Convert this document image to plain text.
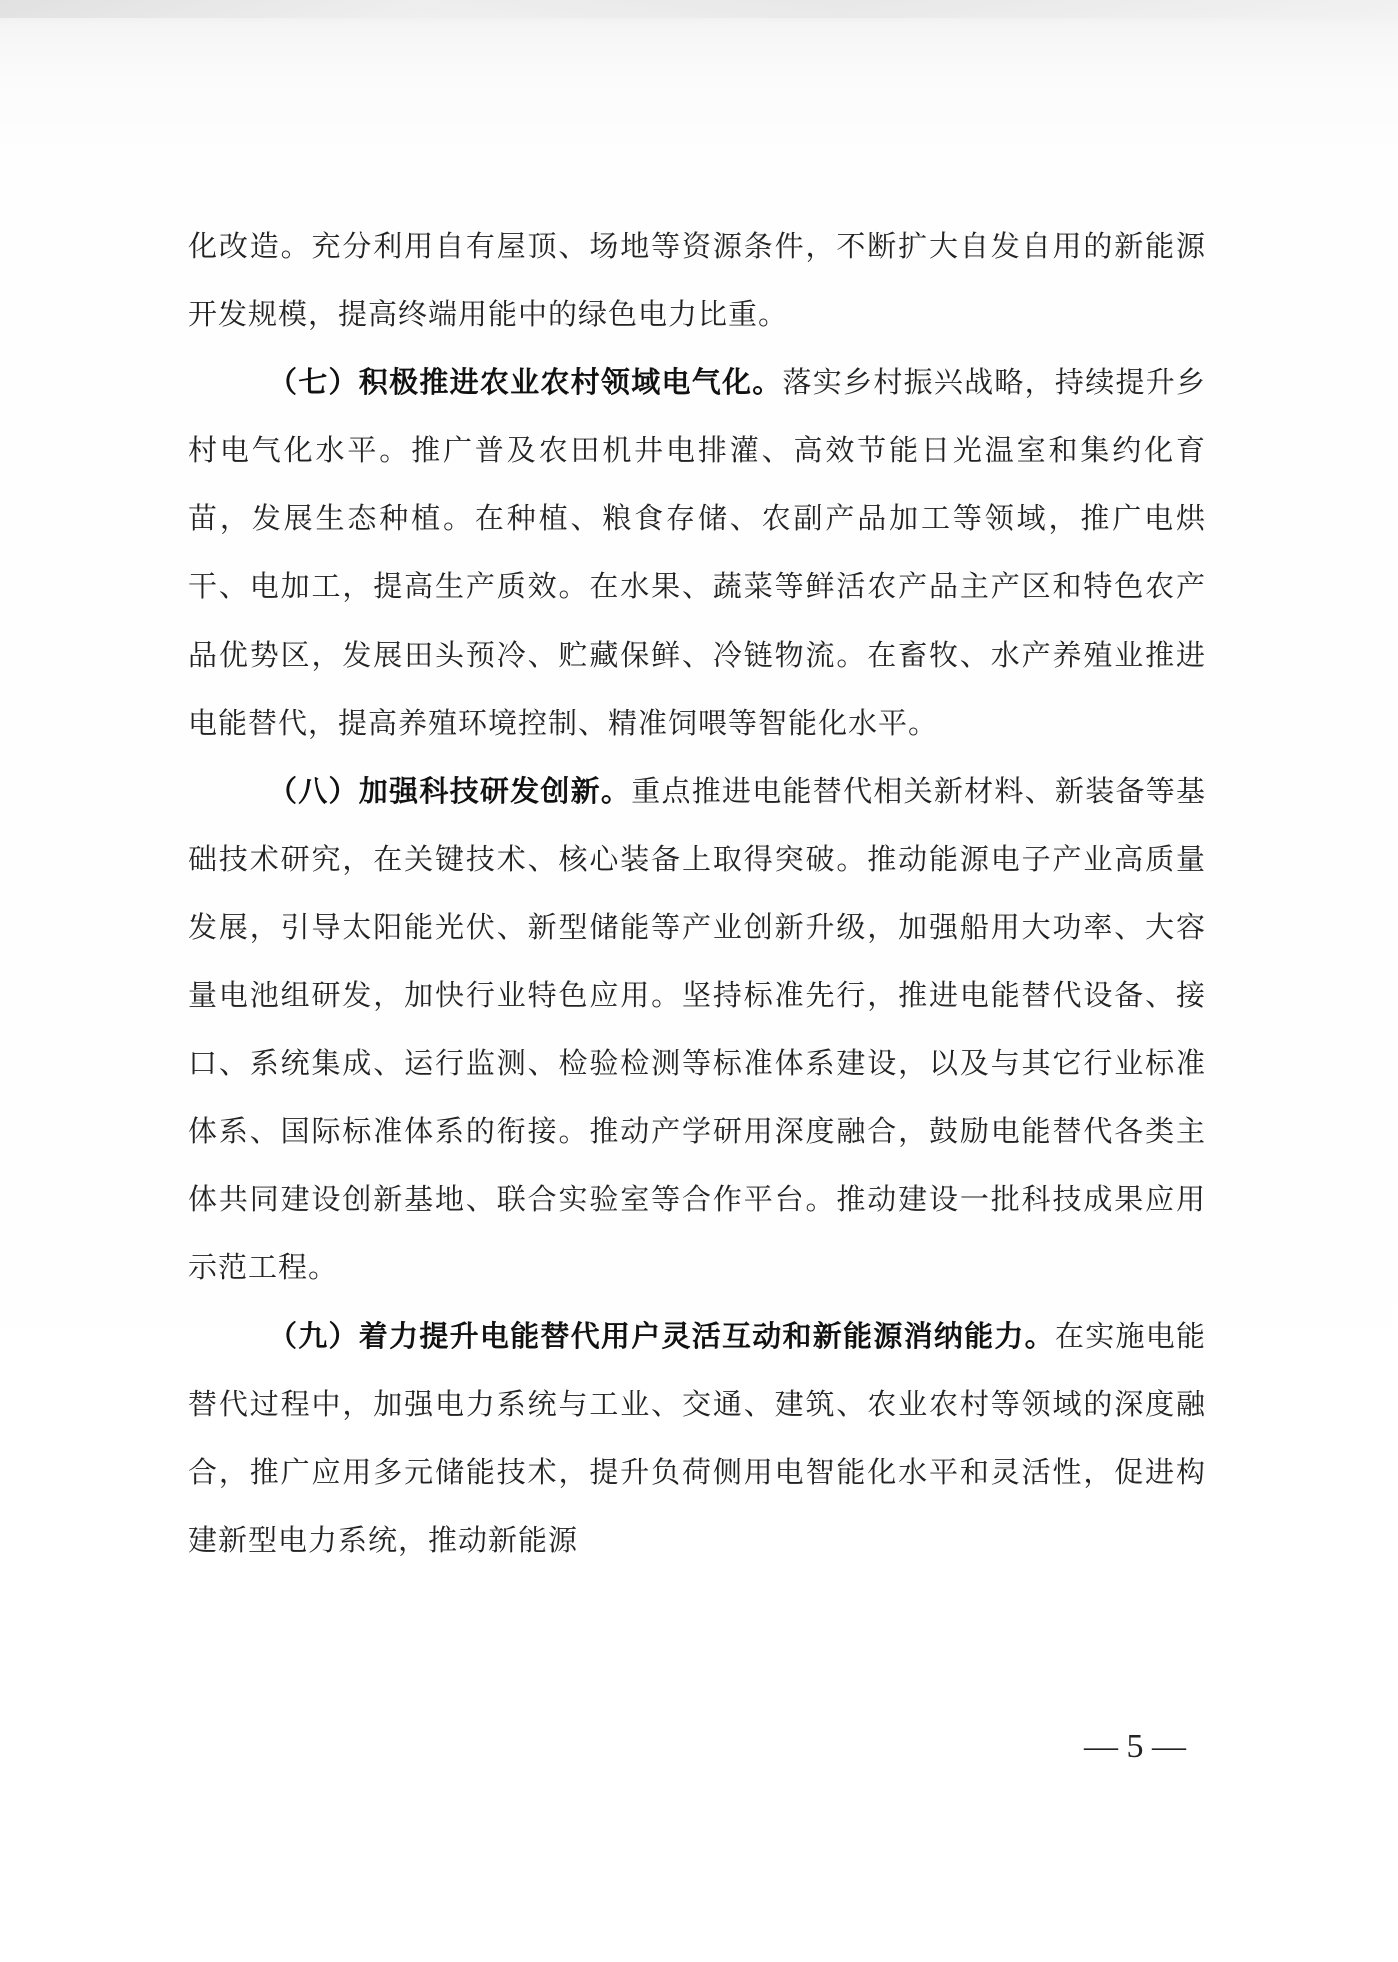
化改造。充分利用自有屋顶、场地等资源条件，不断扩大自发自用的新能源开发规模，提高终端用能中的绿色电力比重。

（七）积极推进农业农村领域电气化。落实乡村振兴战略，持续提升乡村电气化水平。推广普及农田机井电排灌、高效节能日光温室和集约化育苗，发展生态种植。在种植、粮食存储、农副产品加工等领域，推广电烘干、电加工，提高生产质效。在水果、蔬菜等鲜活农产品主产区和特色农产品优势区，发展田头预冷、贮藏保鲜、冷链物流。在畜牧、水产养殖业推进电能替代，提高养殖环境控制、精准饲喂等智能化水平。

（八）加强科技研发创新。重点推进电能替代相关新材料、新装备等基础技术研究，在关键技术、核心装备上取得突破。推动能源电子产业高质量发展，引导太阳能光伏、新型储能等产业创新升级，加强船用大功率、大容量电池组研发，加快行业特色应用。坚持标准先行，推进电能替代设备、接口、系统集成、运行监测、检验检测等标准体系建设，以及与其它行业标准体系、国际标准体系的衔接。推动产学研用深度融合，鼓励电能替代各类主体共同建设创新基地、联合实验室等合作平台。推动建设一批科技成果应用示范工程。

（九）着力提升电能替代用户灵活互动和新能源消纳能力。在实施电能替代过程中，加强电力系统与工业、交通、建筑、农业农村等领域的深度融合，推广应用多元储能技术，提升负荷侧用电智能化水平和灵活性，促进构建新型电力系统，推动新能源

— 5 —
